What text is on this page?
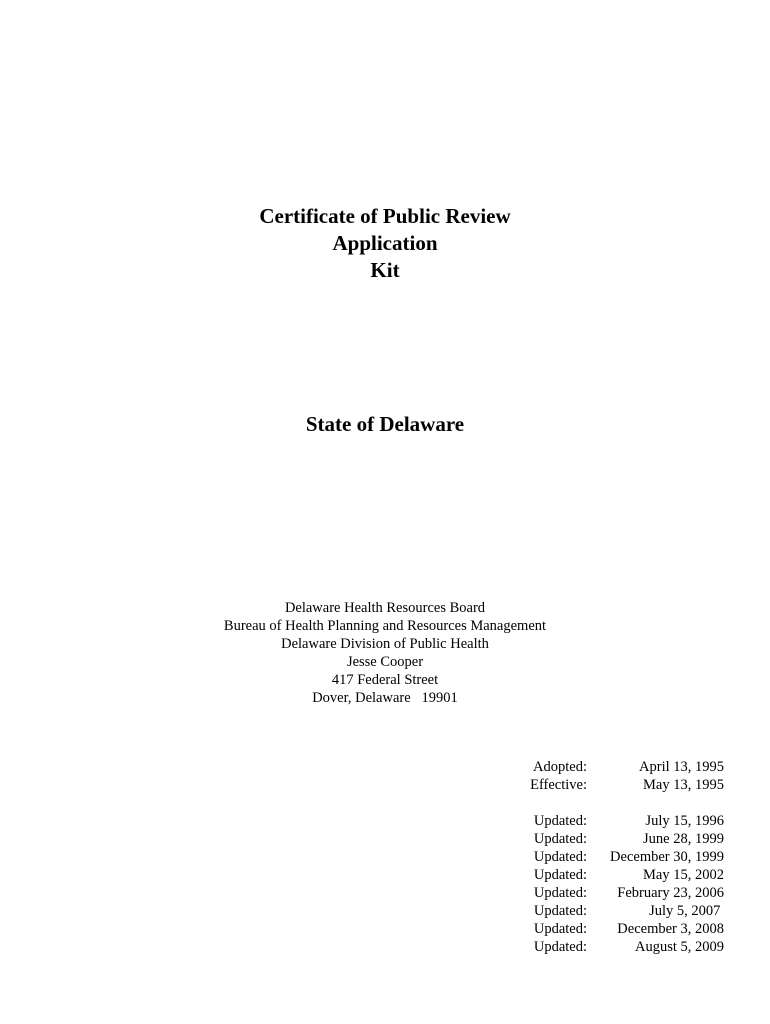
Certificate of Public Review
Application
Kit
State of Delaware
Delaware Health Resources Board
Bureau of Health Planning and Resources Management
Delaware Division of Public Health
Jesse Cooper
417 Federal Street
Dover, Delaware   19901
Adopted:	April 13, 1995
Effective:	May 13, 1995
Updated:	July 15, 1996
Updated:	June 28, 1999
Updated:	December 30, 1999
Updated:	May 15, 2002
Updated:	February 23, 2006
Updated:	July 5, 2007
Updated:	December 3, 2008
Updated:	August 5, 2009
